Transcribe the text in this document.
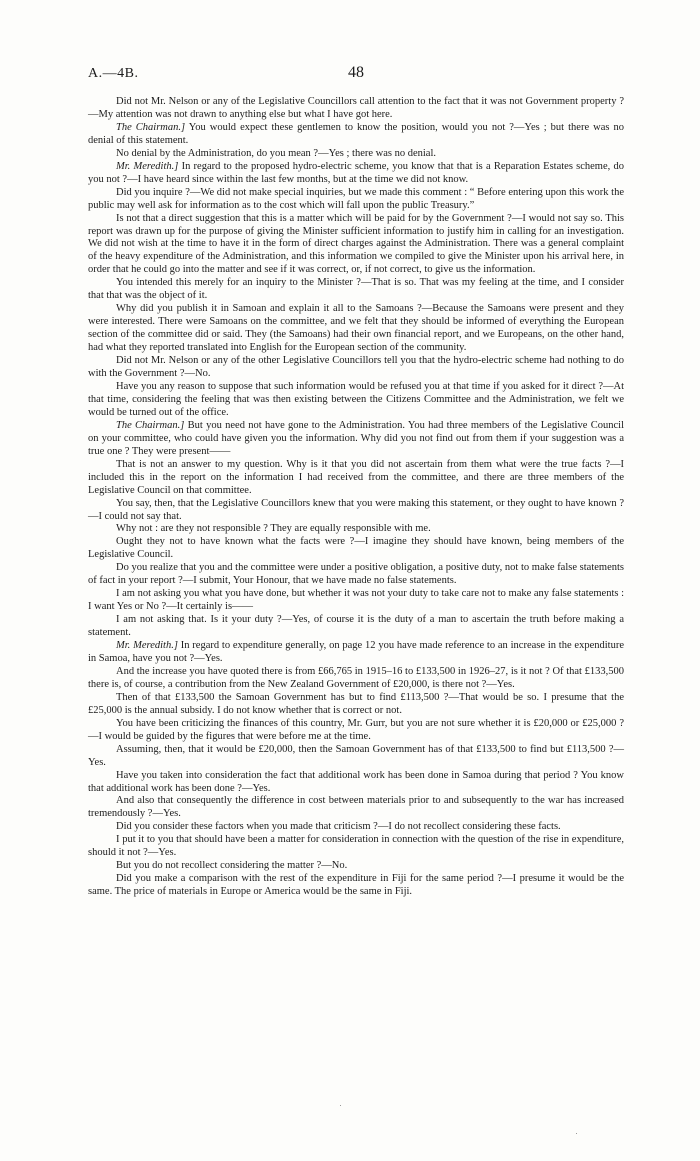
A.—4B.	48

Did not Mr. Nelson or any of the Legislative Councillors call attention to the fact that it was not Government property ?—My attention was not drawn to anything else but what I have got here.

The Chairman.] You would expect these gentlemen to know the position, would you not ?—Yes ; but there was no denial of this statement.

No denial by the Administration, do you mean ?—Yes ; there was no denial.

Mr. Meredith.] In regard to the proposed hydro-electric scheme, you know that that is a Reparation Estates scheme, do you not ?—I have heard since within the last few months, but at the time we did not know.

Did you inquire ?—We did not make special inquiries, but we made this comment : “ Before entering upon this work the public may well ask for information as to the cost which will fall upon the public Treasury.”

Is not that a direct suggestion that this is a matter which will be paid for by the Government ?—I would not say so. This report was drawn up for the purpose of giving the Minister sufficient information to justify him in calling for an investigation. We did not wish at the time to have it in the form of direct charges against the Administration. There was a general complaint of the heavy expenditure of the Administration, and this information we compiled to give the Minister upon his arrival here, in order that he could go into the matter and see if it was correct, or, if not correct, to give us the information.

You intended this merely for an inquiry to the Minister ?—That is so. That was my feeling at the time, and I consider that that was the object of it.

Why did you publish it in Samoan and explain it all to the Samoans ?—Because the Samoans were present and they were interested. There were Samoans on the committee, and we felt that they should be informed of everything the European section of the committee did or said. They (the Samoans) had their own financial report, and we Europeans, on the other hand, had what they reported translated into English for the European section of the community.

Did not Mr. Nelson or any of the other Legislative Councillors tell you that the hydro-electric scheme had nothing to do with the Government ?—No.

Have you any reason to suppose that such information would be refused you at that time if you asked for it direct ?—At that time, considering the feeling that was then existing between the Citizens Committee and the Administration, we felt we would be turned out of the office.

The Chairman.] But you need not have gone to the Administration. You had three members of the Legislative Council on your committee, who could have given you the information. Why did you not find out from them if your suggestion was a true one ? They were present——

That is not an answer to my question. Why is it that you did not ascertain from them what were the true facts ?—I included this in the report on the information I had received from the committee, and there are three members of the Legislative Council on that committee.

You say, then, that the Legislative Councillors knew that you were making this statement, or they ought to have known ?—I could not say that.

Why not : are they not responsible ? They are equally responsible with me.

Ought they not to have known what the facts were ?—I imagine they should have known, being members of the Legislative Council.

Do you realize that you and the committee were under a positive obligation, a positive duty, not to make false statements of fact in your report ?—I submit, Your Honour, that we have made no false statements.

I am not asking you what you have done, but whether it was not your duty to take care not to make any false statements : I want Yes or No ?—It certainly is——

I am not asking that. Is it your duty ?—Yes, of course it is the duty of a man to ascertain the truth before making a statement.

Mr. Meredith.] In regard to expenditure generally, on page 12 you have made reference to an increase in the expenditure in Samoa, have you not ?—Yes.

And the increase you have quoted there is from £66,765 in 1915–16 to £133,500 in 1926–27, is it not ? Of that £133,500 there is, of course, a contribution from the New Zealand Government of £20,000, is there not ?—Yes.

Then of that £133,500 the Samoan Government has but to find £113,500 ?—That would be so. I presume that the £25,000 is the annual subsidy. I do not know whether that is correct or not.

You have been criticizing the finances of this country, Mr. Gurr, but you are not sure whether it is £20,000 or £25,000 ?—I would be guided by the figures that were before me at the time.

Assuming, then, that it would be £20,000, then the Samoan Government has of that £133,500 to find but £113,500 ?—Yes.

Have you taken into consideration the fact that additional work has been done in Samoa during that period ? You know that additional work has been done ?—Yes.

And also that consequently the difference in cost between materials prior to and subsequently to the war has increased tremendously ?—Yes.

Did you consider these factors when you made that criticism ?—I do not recollect considering these facts.

I put it to you that should have been a matter for consideration in connection with the question of the rise in expenditure, should it not ?—Yes.

But you do not recollect considering the matter ?—No.

Did you make a comparison with the rest of the expenditure in Fiji for the same period ?—I presume it would be the same. The price of materials in Europe or America would be the same in Fiji.
